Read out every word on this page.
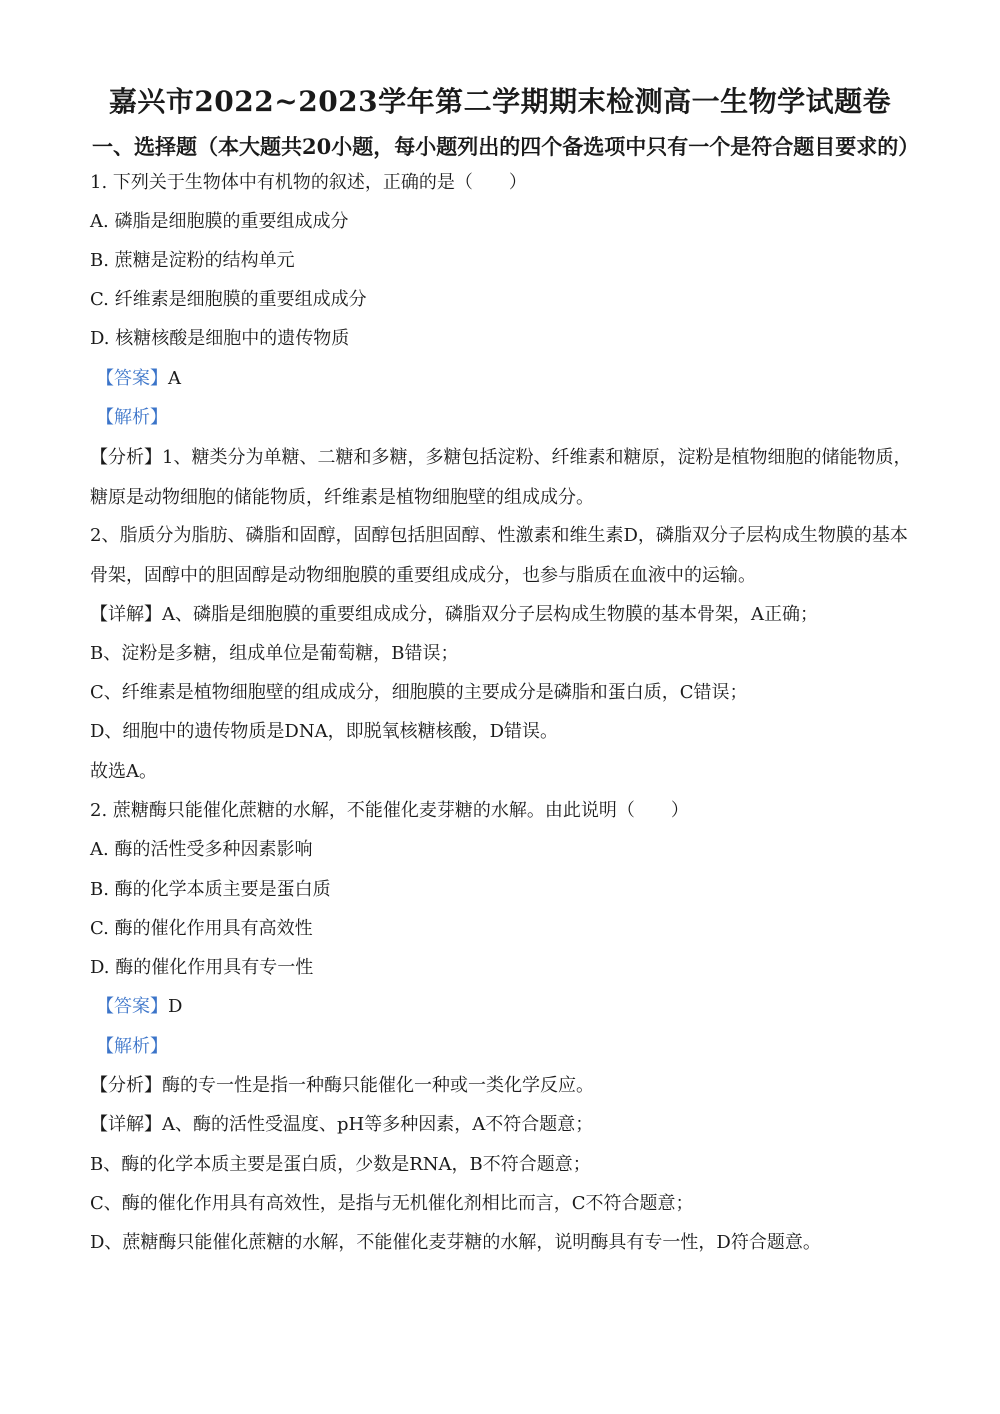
嘉兴市2022~2023学年第二学期期末检测高一生物学试题卷
一、选择题（本大题共20小题，每小题列出的四个备选项中只有一个是符合题目要求的）
1. 下列关于生物体中有机物的叙述，正确的是（　　）
A. 磷脂是细胞膜的重要组成成分
B. 蔗糖是淀粉的结构单元
C. 纤维素是细胞膜的重要组成成分
D. 核糖核酸是细胞中的遗传物质
【答案】A
【解析】
【分析】1、糖类分为单糖、二糖和多糖，多糖包括淀粉、纤维素和糖原，淀粉是植物细胞的储能物质，
糖原是动物细胞的储能物质，纤维素是植物细胞壁的组成成分。
2、脂质分为脂肪、磷脂和固醇，固醇包括胆固醇、性激素和维生素D，磷脂双分子层构成生物膜的基本
骨架，固醇中的胆固醇是动物细胞膜的重要组成成分，也参与脂质在血液中的运输。
【详解】A、磷脂是细胞膜的重要组成成分，磷脂双分子层构成生物膜的基本骨架，A正确；
B、淀粉是多糖，组成单位是葡萄糖，B错误；
C、纤维素是植物细胞壁的组成成分，细胞膜的主要成分是磷脂和蛋白质，C错误；
D、细胞中的遗传物质是DNA，即脱氧核糖核酸，D错误。
故选A。
2. 蔗糖酶只能催化蔗糖的水解，不能催化麦芽糖的水解。由此说明（　　）
A. 酶的活性受多种因素影响
B. 酶的化学本质主要是蛋白质
C. 酶的催化作用具有高效性
D. 酶的催化作用具有专一性
【答案】D
【解析】
【分析】酶的专一性是指一种酶只能催化一种或一类化学反应。
【详解】A、酶的活性受温度、pH等多种因素，A不符合题意；
B、酶的化学本质主要是蛋白质，少数是RNA，B不符合题意；
C、酶的催化作用具有高效性，是指与无机催化剂相比而言，C不符合题意；
D、蔗糖酶只能催化蔗糖的水解，不能催化麦芽糖的水解，说明酶具有专一性，D符合题意。
